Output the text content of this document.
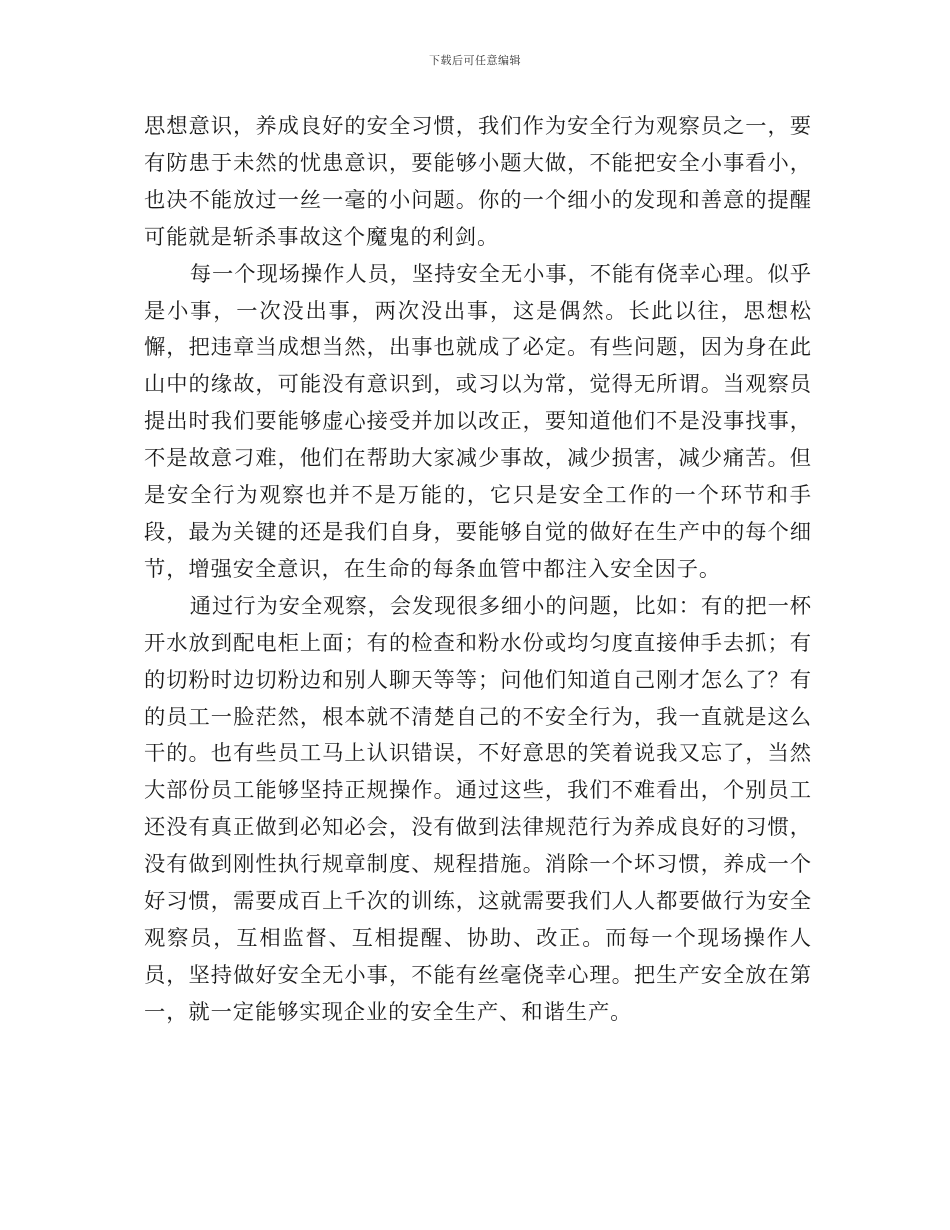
下载后可任意编辑

思想意识，养成良好的安全习惯，我们作为安全行为观察员之一，要有防患于未然的忧患意识，要能够小题大做，不能把安全小事看小，也决不能放过一丝一毫的小问题。你的一个细小的发现和善意的提醒可能就是斩杀事故这个魔鬼的利剑。

每一个现场操作人员，坚持安全无小事，不能有侥幸心理。似乎是小事，一次没出事，两次没出事，这是偶然。长此以往，思想松懈，把违章当成想当然，出事也就成了必定。有些问题，因为身在此山中的缘故，可能没有意识到，或习以为常，觉得无所谓。当观察员提出时我们要能够虚心接受并加以改正，要知道他们不是没事找事，不是故意刁难，他们在帮助大家减少事故，减少损害，减少痛苦。但是安全行为观察也并不是万能的，它只是安全工作的一个环节和手段，最为关键的还是我们自身，要能够自觉的做好在生产中的每个细节，增强安全意识，在生命的每条血管中都注入安全因子。

通过行为安全观察，会发现很多细小的问题，比如：有的把一杯开水放到配电柜上面；有的检查和粉水份或均匀度直接伸手去抓；有的切粉时边切粉边和别人聊天等等；问他们知道自己刚才怎么了？有的员工一脸茫然，根本就不清楚自己的不安全行为，我一直就是这么干的。也有些员工马上认识错误，不好意思的笑着说我又忘了，当然大部份员工能够坚持正规操作。通过这些，我们不难看出，个别员工还没有真正做到必知必会，没有做到法律规范行为养成良好的习惯，没有做到刚性执行规章制度、规程措施。消除一个坏习惯，养成一个好习惯，需要成百上千次的训练，这就需要我们人人都要做行为安全观察员，互相监督、互相提醒、协助、改正。而每一个现场操作人员，坚持做好安全无小事，不能有丝毫侥幸心理。把生产安全放在第一，就一定能够实现企业的安全生产、和谐生产。
